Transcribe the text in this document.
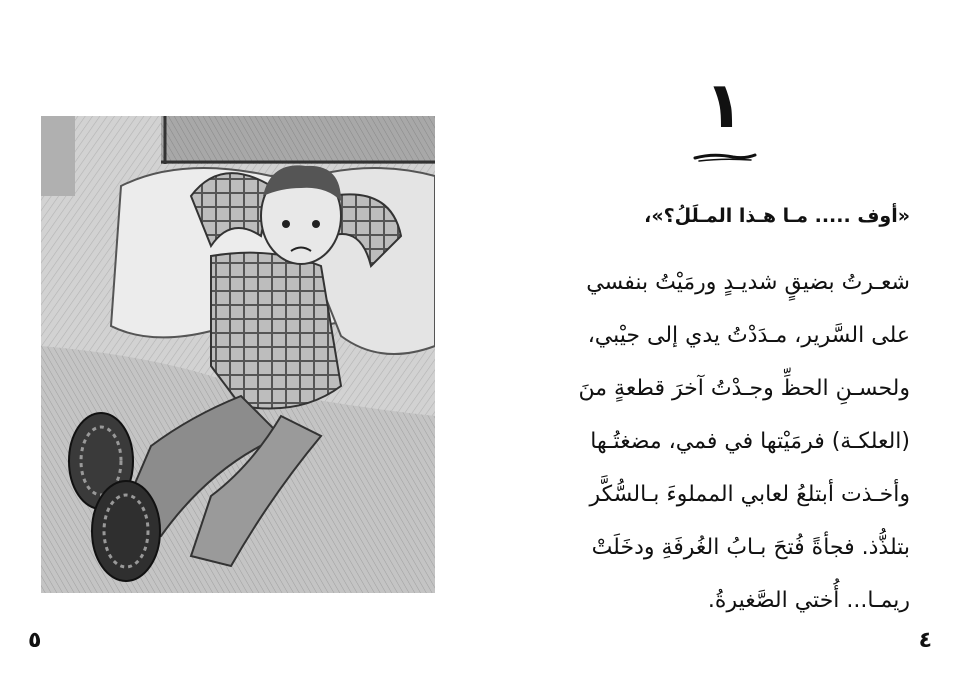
٥
١
«أوف ..... مـا هـذا المـلَلُ؟»،
شعـرتُ بضيقٍ شديـدٍ ورمَيْتُ بنفسي
على السَّرير، مـدَدْتُ يدي إلى جيْبي،
ولحسـنِ الحظِّ وجـدْتُ آخرَ قطعةٍ منَ
(العلكـة) فرمَيْتها في فمي، مضغتُـها
وأخـذت أبتلعُ لعابي المملوءَ بـالسُّكَّر
بتلذُّذ. فجأةً فُتحَ بـابُ الغُرفَةِ ودخَلَتْ
ريمـا... أُختي الصَّغيرةُ.
٤
